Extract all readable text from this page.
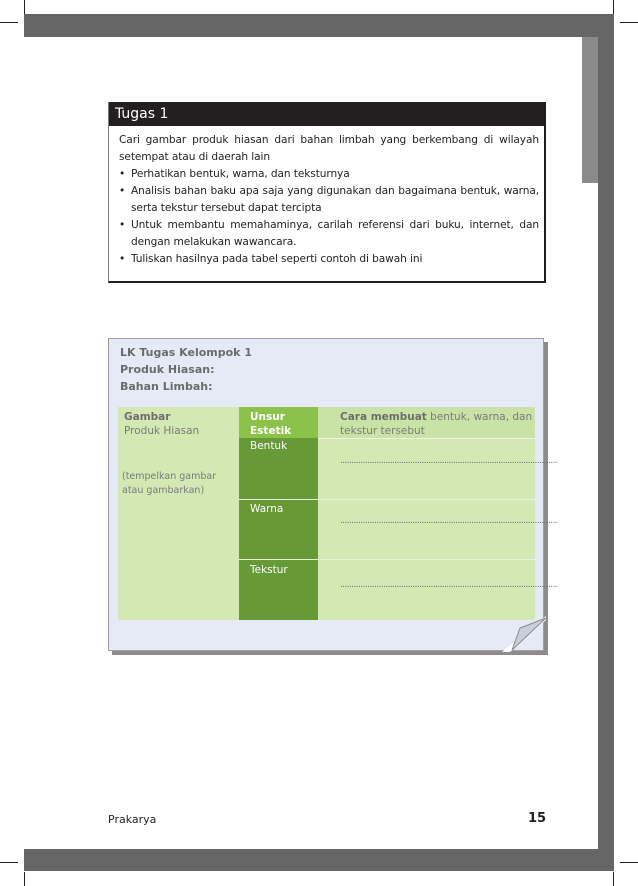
Tugas 1

Cari gambar produk hiasan dari bahan limbah yang berkembang di wilayah setempat atau di daerah lain

• Perhatikan bentuk, warna, dan teksturnya
• Analisis bahan baku apa saja yang digunakan dan bagaimana bentuk, warna, serta tekstur tersebut dapat tercipta
• Untuk membantu memahaminya, carilah referensi dari buku, internet, dan dengan melakukan wawancara.
• Tuliskan hasilnya pada tabel seperti contoh di bawah ini
LK Tugas Kelompok 1
Produk Hiasan:
Bahan Limbah:
Gambar
Produk Hiasan
(tempelkan gambar
atau gambarkan)
Unsur
Estetik
Bentuk
Warna
Tekstur
Cara membuat bentuk, warna, dan
tekstur tersebut
................................................................................................
................................................................................................
................................................................................................
Prakarya	15
